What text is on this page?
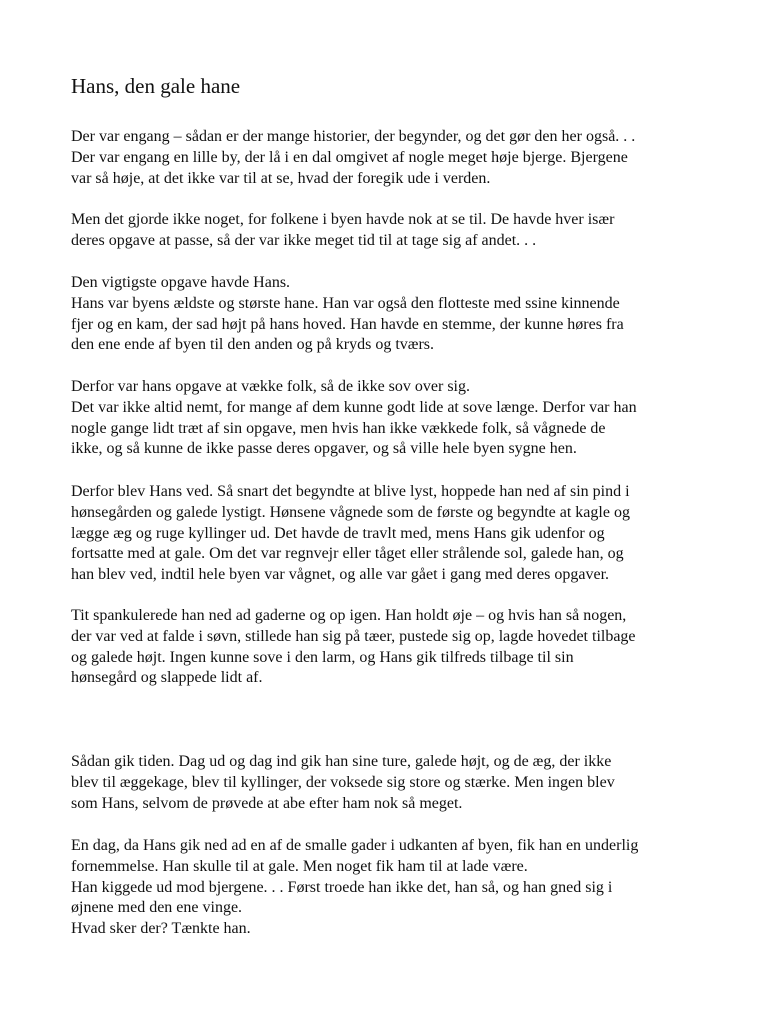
Hans, den gale hane

Der var engang – sådan er der mange historier, der begynder, og det gør den her også. . .

Der var engang en lille by, der lå i en dal omgivet af nogle meget høje bjerge. Bjergene

var så høje, at det ikke var til at se, hvad der foregik ude i verden.

Men det gjorde ikke noget, for folkene i byen havde nok at se til. De havde hver især

deres opgave at passe, så der var ikke meget tid til at tage sig af andet. . .

Den vigtigste opgave havde Hans.

Hans var byens ældste og største hane. Han var også den flotteste med ssine kinnende

fjer og en kam, der sad højt på hans hoved. Han havde en stemme, der kunne høres fra

den ene ende af byen til den anden og på kryds og tværs.

Derfor var hans opgave at vække folk, så de ikke sov over sig.

Det var ikke altid nemt, for mange af dem kunne godt lide at sove længe. Derfor var han

nogle gange lidt træt af sin opgave, men hvis han ikke vækkede folk, så vågnede de

ikke, og så kunne de ikke passe deres opgaver, og så ville hele byen sygne hen.

Derfor blev Hans ved. Så snart det begyndte at blive lyst, hoppede han ned af sin pind i

hønsegården og galede lystigt. Hønsene vågnede som de første og begyndte at kagle og

lægge æg og ruge kyllinger ud. Det havde de travlt med, mens Hans gik udenfor og

fortsatte med at gale. Om det var regnvejr eller tåget eller strålende sol, galede han, og

han blev ved, indtil hele byen var vågnet, og alle var gået i gang med deres opgaver.

Tit spankulerede han ned ad gaderne og op igen. Han holdt øje – og hvis han så nogen,

der var ved at falde i søvn, stillede han sig på tæer, pustede sig op, lagde hovedet tilbage

og galede højt. Ingen kunne sove i den larm, og Hans gik tilfreds tilbage til sin

hønsegård og slappede lidt af.

Sådan gik tiden. Dag ud og dag ind gik han sine ture, galede højt, og de æg, der ikke

blev til æggekage, blev til kyllinger, der voksede sig store og stærke. Men ingen blev

som Hans, selvom de prøvede at abe efter ham nok så meget.

En dag, da Hans gik ned ad en af de smalle gader i udkanten af byen, fik han en underlig

fornemmelse. Han skulle til at gale. Men noget fik ham til at lade være.

Han kiggede ud mod bjergene. . . Først troede han ikke det, han så, og han gned sig i

øjnene med den ene vinge.

Hvad sker der? Tænkte han.
